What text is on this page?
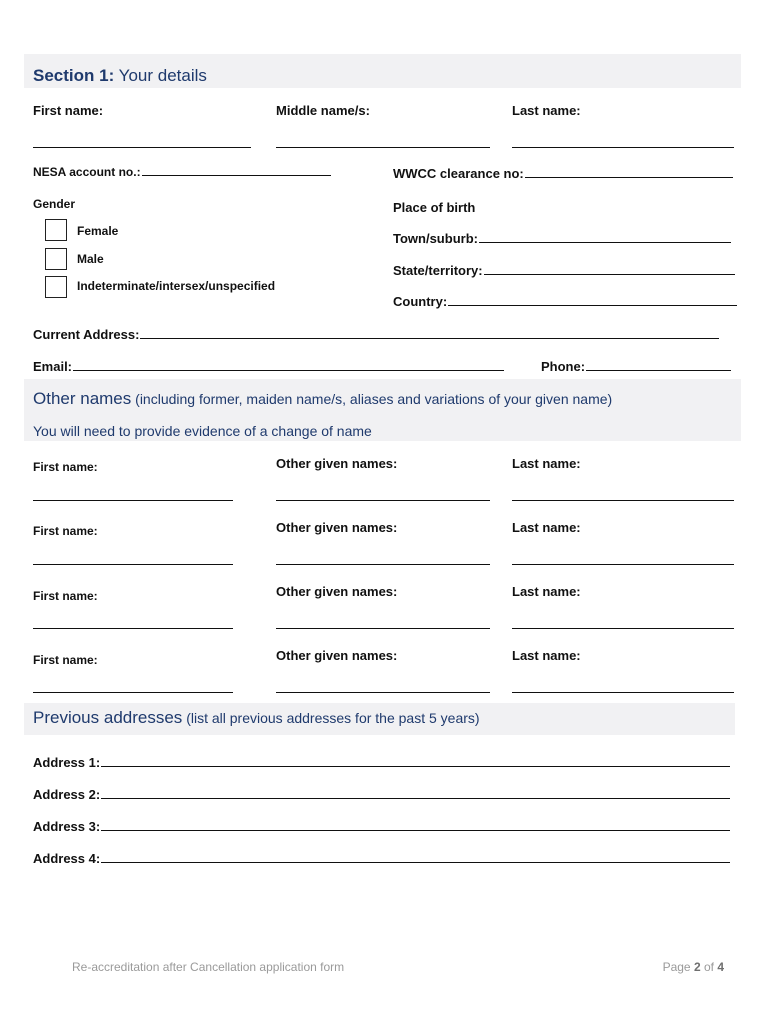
Section 1: Your details
First name:	Middle name/s:	Last name:
NESA account no.:	WWCC clearance no:
Gender
Female
Male
Indeterminate/intersex/unspecified
Place of birth
Town/suburb:
State/territory:
Country:
Current Address:
Email:	Phone:
Other names (including former, maiden name/s, aliases and variations of your given name)
You will need to provide evidence of a change of name
First name:	Other given names:	Last name:
First name:	Other given names:	Last name:
First name:	Other given names:	Last name:
First name:	Other given names:	Last name:
Previous addresses (list all previous addresses for the past 5 years)
Address 1:
Address 2:
Address 3:
Address 4:
Re-accreditation after Cancellation application form	Page 2 of 4
